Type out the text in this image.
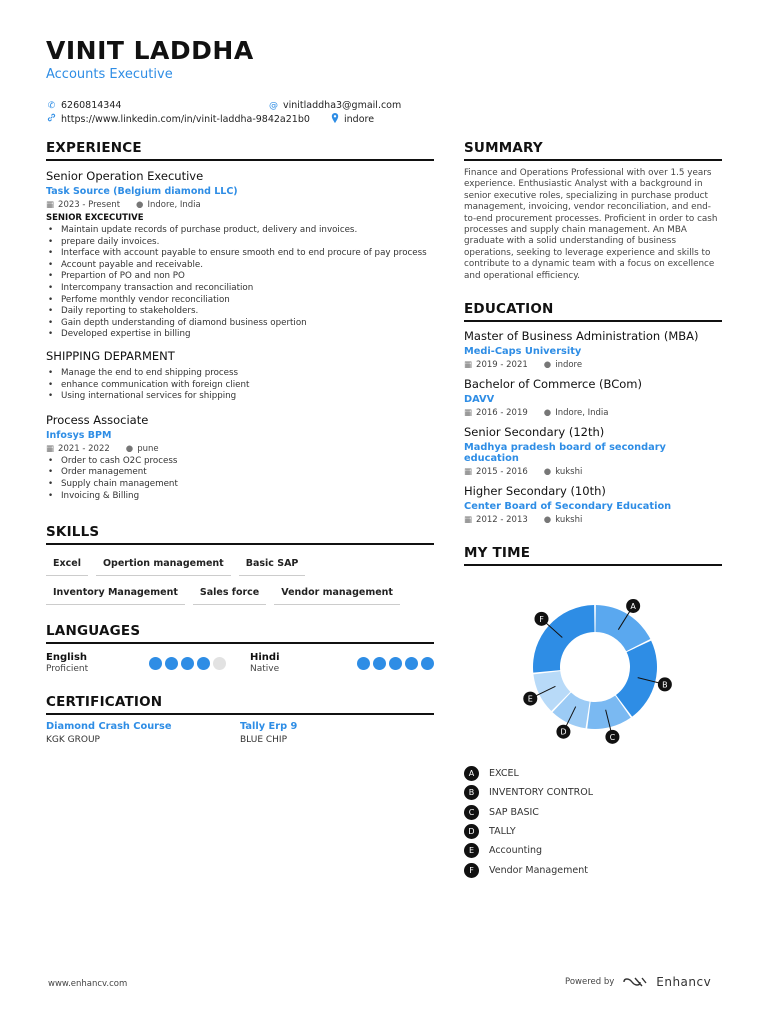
VINIT LADDHA
Accounts Executive
✆ 6260814344	@ vinitladdha3@gmail.com
https://www.linkedin.com/in/vinit-laddha-9842a21b0	indore
EXPERIENCE
Senior Operation Executive
Task Source (Belgium diamond LLC)
▦ 2023 - Present ● Indore, India
SENIOR EXCECUTIVE
• Maintain update records of purchase product, delivery and invoices.
• prepare daily invoices.
• Interface with account payable to ensure smooth end to end procure of pay process
• Account payable and receivable.
• Prepartion of PO and non PO
• Intercompany transaction and reconciliation
• Perfome monthly vendor reconciliation
• Daily reporting to stakeholders.
• Gain depth understanding of diamond business opertion
• Developed expertise in billing
SHIPPING DEPARMENT
• Manage the end to end shipping process
• enhance communication with foreign client
• Using international services for shipping
Process Associate
Infosys BPM
▦ 2021 - 2022 ● pune
• Order to cash O2C process
• Order management
• Supply chain management
• Invoicing & Billing
SKILLS
Excel	Opertion management	Basic SAP
Inventory Management	Sales force	Vendor management
LANGUAGES
English
Proficient
Hindi
Native
CERTIFICATION
Diamond Crash Course
KGK GROUP
Tally Erp 9
BLUE CHIP
SUMMARY
Finance and Operations Professional with over 1.5 years experience. Enthusiastic Analyst with a background in senior executive roles, specializing in purchase product management, invoicing, vendor reconciliation, and end-to-end procurement processes. Proficient in order to cash processes and supply chain management. An MBA graduate with a solid understanding of business operations, seeking to leverage experience and skills to contribute to a dynamic team with a focus on excellence and operational efficiency.
EDUCATION
Master of Business Administration (MBA)
Medi-Caps University
▦ 2019 - 2021 ● indore
Bachelor of Commerce (BCom)
DAVV
▦ 2016 - 2019 ● Indore, India
Senior Secondary (12th)
Madhya pradesh board of secondary education
▦ 2015 - 2016 ● kukshi
Higher Secondary (10th)
Center Board of Secondary Education
▦ 2012 - 2013 ● kukshi
MY TIME
A
B
C
D
E
F
A	EXCEL
B	INVENTORY CONTROL
C	SAP BASIC
D	TALLY
E	Accounting
F	Vendor Management
www.enhancv.com	Powered by	Enhancv
